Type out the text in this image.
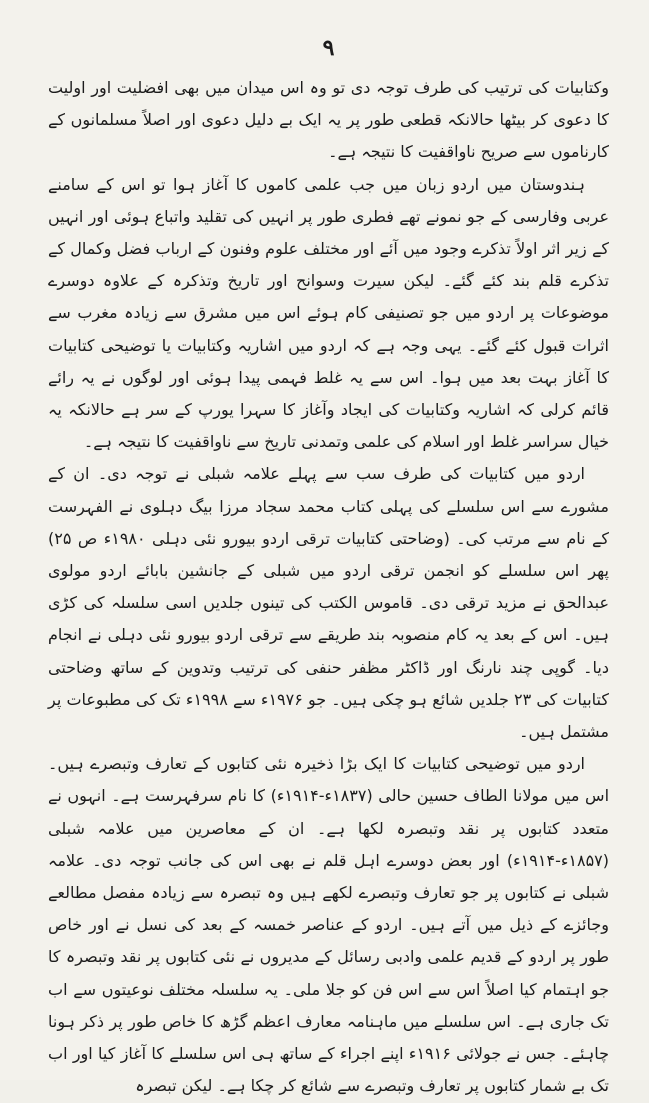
۹

وکتابیات کی ترتیب کی طرف توجہ دی تو وہ اس میدان میں بھی افضلیت اور اولیت کا دعوی کر بیٹھا حالانکہ قطعی طور پر یہ ایک بے دلیل دعوی اور اصلاً مسلمانوں کے کارناموں سے صریح ناواقفیت کا نتیجہ ہے۔

ہندوستان میں اردو زبان میں جب علمی کاموں کا آغاز ہوا تو اس کے سامنے عربی وفارسی کے جو نمونے تھے فطری طور پر انہیں کی تقلید واتباع ہوئی اور انہیں کے زیر اثر اولاً تذکرے وجود میں آئے اور مختلف علوم وفنون کے ارباب فضل وکمال کے تذکرے قلم بند کئے گئے۔ لیکن سیرت وسوانح اور تاریخ وتذکرہ کے علاوہ دوسرے موضوعات پر اردو میں جو تصنیفی کام ہوئے اس میں مشرق سے زیادہ مغرب سے اثرات قبول کئے گئے۔ یہی وجہ ہے کہ اردو میں اشاریہ وکتابیات یا توضیحی کتابیات کا آغاز بہت بعد میں ہوا۔ اس سے یہ غلط فہمی پیدا ہوئی اور لوگوں نے یہ رائے قائم کرلی کہ اشاریہ وکتابیات کی ایجاد وآغاز کا سہرا یورپ کے سر ہے حالانکہ یہ خیال سراسر غلط اور اسلام کی علمی وتمدنی تاریخ سے ناواقفیت کا نتیجہ ہے۔

اردو میں کتابیات کی طرف سب سے پہلے علامہ شبلی نے توجہ دی۔ ان کے مشورے سے اس سلسلے کی پہلی کتاب محمد سجاد مرزا بیگ دہلوی نے الفہرست کے نام سے مرتب کی۔ (وضاحتی کتابیات ترقی اردو بیورو نئی دہلی ۱۹۸۰ء ص ۲۵) پھر اس سلسلے کو انجمن ترقی اردو میں شبلی کے جانشین بابائے اردو مولوی عبدالحق نے مزید ترقی دی۔ قاموس الکتب کی تینوں جلدیں اسی سلسلہ کی کڑی ہیں۔ اس کے بعد یہ کام منصوبہ بند طریقے سے ترقی اردو بیورو نئی دہلی نے انجام دیا۔ گوپی چند نارنگ اور ڈاکٹر مظفر حنفی کی ترتیب وتدوین کے ساتھ وضاحتی کتابیات کی ۲۳ جلدیں شائع ہو چکی ہیں۔ جو ۱۹۷۶ء سے ۱۹۹۸ء تک کی مطبوعات پر مشتمل ہیں۔

اردو میں توضیحی کتابیات کا ایک بڑا ذخیرہ نئی کتابوں کے تعارف وتبصرے ہیں۔ اس میں مولانا الطاف حسین حالی (۱۸۳۷ء-۱۹۱۴ء) کا نام سرفہرست ہے۔ انہوں نے متعدد کتابوں پر نقد وتبصرہ لکھا ہے۔ ان کے معاصرین میں علامہ شبلی (۱۸۵۷ء-۱۹۱۴ء) اور بعض دوسرے اہل قلم نے بھی اس کی جانب توجہ دی۔ علامہ شبلی نے کتابوں پر جو تعارف وتبصرے لکھے ہیں وہ تبصرہ سے زیادہ مفصل مطالعے وجائزے کے ذیل میں آتے ہیں۔ اردو کے عناصر خمسہ کے بعد کی نسل نے اور خاص طور پر اردو کے قدیم علمی وادبی رسائل کے مدیروں نے نئی کتابوں پر نقد وتبصرہ کا جو اہتمام کیا اصلاً اس سے اس فن کو جلا ملی۔ یہ سلسلہ مختلف نوعیتوں سے اب تک جاری ہے۔ اس سلسلے میں ماہنامہ معارف اعظم گڑھ کا خاص طور پر ذکر ہونا چاہئے۔ جس نے جولائی ۱۹۱۶ء اپنے اجراء کے ساتھ ہی اس سلسلے کا آغاز کیا اور اب تک بے شمار کتابوں پر تعارف وتبصرے سے شائع کر چکا ہے۔ لیکن تبصرہ
